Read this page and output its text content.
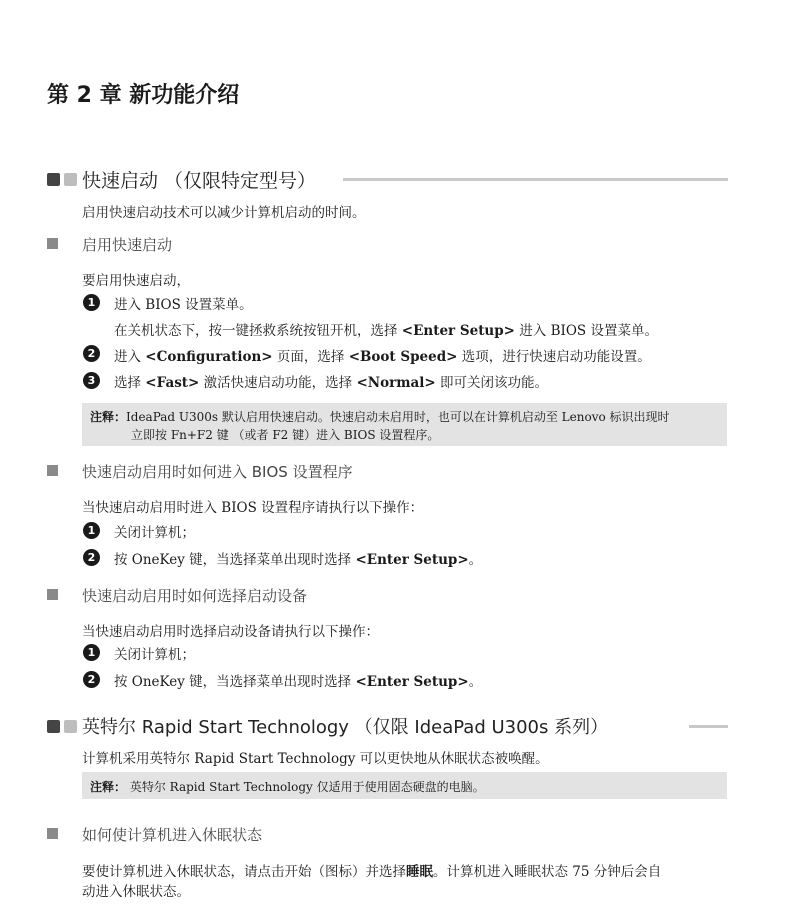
第 2 章 新功能介绍
快速启动 （仅限特定型号）
启用快速启动技术可以减少计算机启动的时间。
启用快速启动
要启用快速启动，
1	进入 BIOS 设置菜单。
在关机状态下，按一键拯救系统按钮开机，选择 <Enter Setup> 进入 BIOS 设置菜单。
2	进入 <Configuration> 页面，选择 <Boot Speed> 选项，进行快速启动功能设置。
3	选择 <Fast> 激活快速启动功能，选择 <Normal> 即可关闭该功能。
注释：IdeaPad U300s 默认启用快速启动。快速启动未启用时，也可以在计算机启动至 Lenovo 标识出现时
立即按 Fn+F2 键 （或者 F2 键）进入 BIOS 设置程序。
快速启动启用时如何进入 BIOS 设置程序
当快速启动启用时进入 BIOS 设置程序请执行以下操作：
1	关闭计算机；
2	按 OneKey 键，当选择菜单出现时选择 <Enter Setup>。
快速启动启用时如何选择启动设备
当快速启动启用时选择启动设备请执行以下操作：
1	关闭计算机；
2	按 OneKey 键，当选择菜单出现时选择 <Enter Setup>。
英特尔 Rapid Start Technology （仅限 IdeaPad U300s 系列）
计算机采用英特尔 Rapid Start Technology 可以更快地从休眠状态被唤醒。
注释： 英特尔 Rapid Start Technology 仅适用于使用固态硬盘的电脑。
如何使计算机进入休眠状态
要使计算机进入休眠状态，请点击开始（图标）并选择睡眠。计算机进入睡眠状态 75 分钟后会自
动进入休眠状态。
